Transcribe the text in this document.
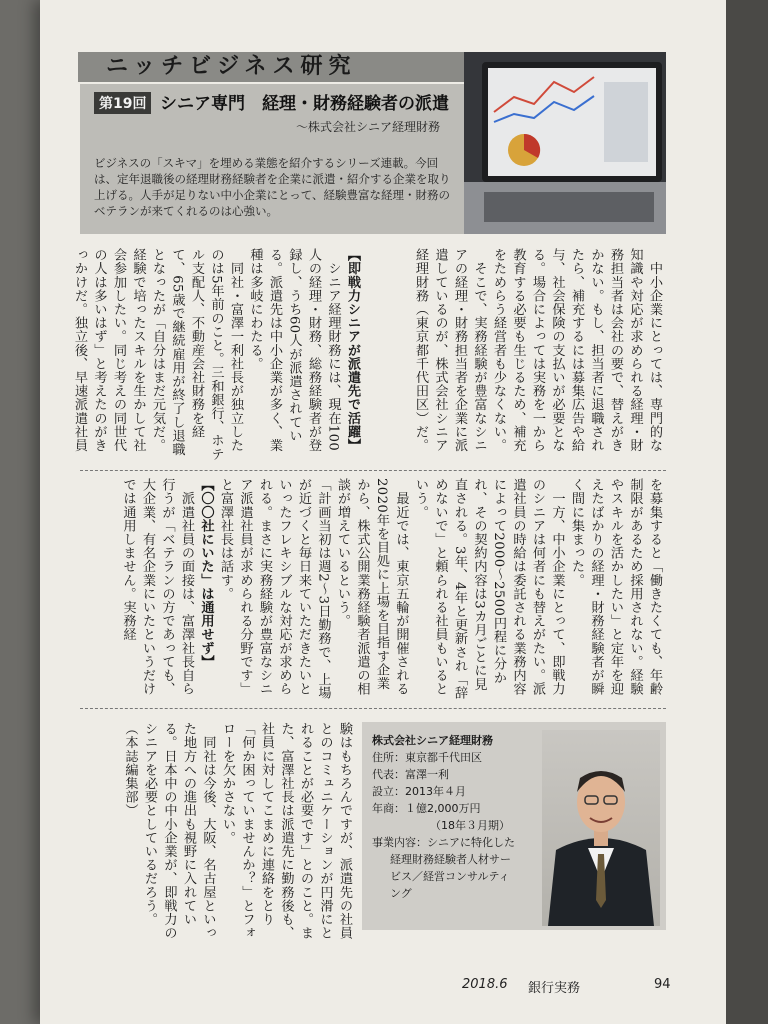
ニッチビジネス研究
第19回 シニア専門　経理・財務経験者の派遣
～株式会社シニア経理財務
ビジネスの「スキマ」を埋める業態を紹介するシリーズ連載。今回は、定年退職後の経理財務経験者を企業に派遣・紹介する企業を取り上げる。人手が足りない中小企業にとって、経験豊富な経理・財務のベテランが来てくれるのは心強い。

　中小企業にとっては、専門的な知識や対応が求められる経理・財務担当者は会社の要で、替えがきかない。もし、担当者に退職されたら、補充するには募集広告や給与、社会保険の支払いが必要となる。場合によっては実務を一から教育する必要も生じるため、補充をためらう経営者も少なくない。

　そこで、実務経験が豊富なシニアの経理・財務担当者を企業に派遣しているのが、株式会社シニア経理財務（東京都千代田区）だ。

【即戦力シニアが派遣先で活躍】

　シニア経理財務には、現在100人の経理・財務、総務経験者が登録し、うち60人が派遣されている。派遣先は中小企業が多く、業種は多岐にわたる。

　同社・富澤一利社長が独立したのは5年前のこと。三和銀行、ホテル支配人、不動産会社財務を経て、65歳で継続雇用が終了し退職となったが「自分はまだ元気だ。経験で培ったスキルを生かして社会参加したい。同じ考えの同世代の人は多いはず」と考えたのがきっかけだ。独立後、早速派遣社員

を募集すると「働きたくても、年齢制限があるため採用されない。経験やスキルを活かしたい」と定年を迎えたばかりの経理・財務経験者が瞬く間に集まった。

　一方、中小企業にとって、即戦力のシニアは何者にも替えがたい。派遣社員の時給は委託される業務内容によって2000～2500円程に分かれ、その契約内容は3カ月ごとに見直される。3年、4年と更新され「辞めないで」と頼られる社員もいるという。

　最近では、東京五輪が開催される2020年を目処に上場を目指す企業から、株式公開業務経験者派遣の相談が増えているという。

「計画当初は週2～3日勤務で、上場が近づくと毎日来ていただきたいといったフレキシブルな対応が求められる。まさに実務経験が豊富なシニア派遣社員が求められる分野です」と富澤社長は話す。

【〇〇社にいた」は通用せず】

　派遣社員の面接は、富澤社長自ら行うが「ベテランの方であっても、大企業、有名企業にいたというだけでは通用しません。実務経

験はもちろんですが、派遣先の社員とのコミュニケーションが円滑にとれることが必要です」とのこと。また、富澤社長は派遣先に勤務後も、社員に対してこまめに連絡をとり「何か困っていませんか？」とフォローを欠かさない。

　同社は今後、大阪、名古屋といった地方への進出も視野に入れている。日本中の中小企業が、即戦力のシニアを必要としているだろう。

（本誌編集部）	株式会社シニア経理財務
住所：東京都千代田区
代表：富澤一利
設立：2013年４月
年商：１億2,000万円
（18年３月期）
事業内容：シニアに特化した
経理財務経験者人材サー
ビス／経営コンサルティ
ング
2018.6 銀行実務	94
